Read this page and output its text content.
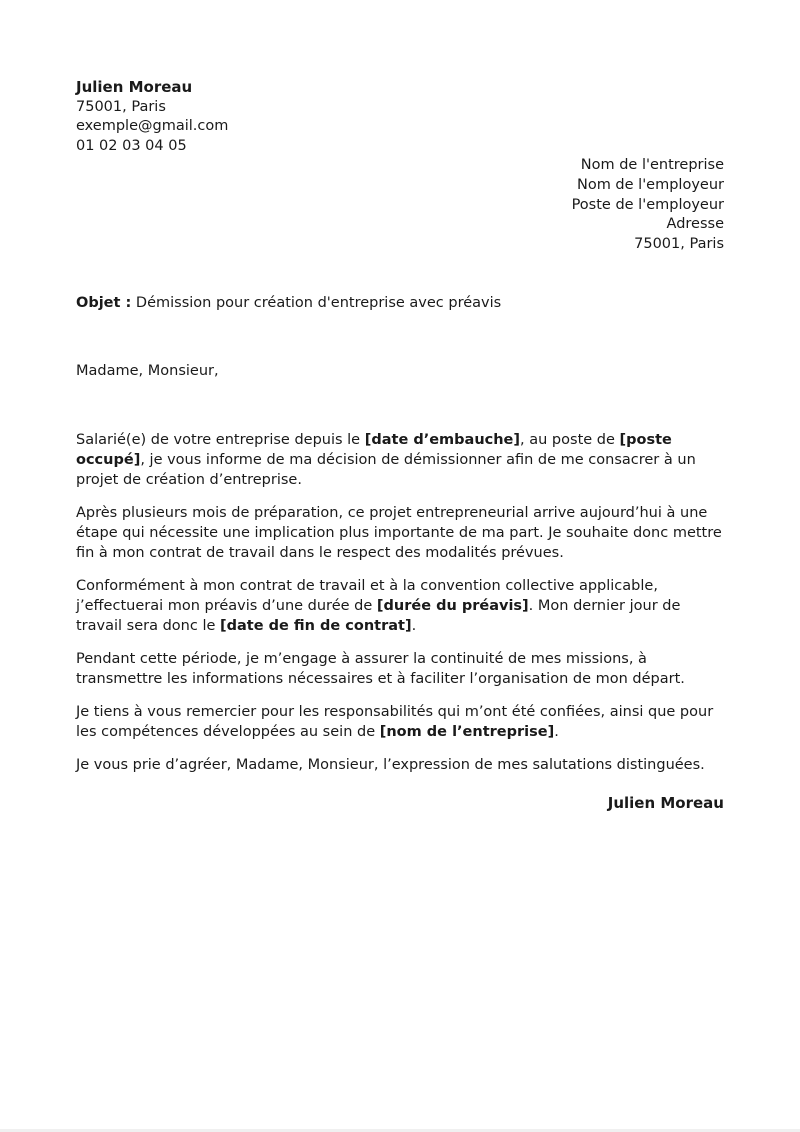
Julien Moreau
75001, Paris
exemple@gmail.com
01 02 03 04 05
Nom de l'entreprise
Nom de l'employeur
Poste de l'employeur
Adresse
75001, Paris
Objet : Démission pour création d'entreprise avec préavis
Madame, Monsieur,

Salarié(e) de votre entreprise depuis le [date d’embauche], au poste de [poste occupé], je vous informe de ma décision de démissionner afin de me consacrer à un projet de création d’entreprise.

Après plusieurs mois de préparation, ce projet entrepreneurial arrive aujourd’hui à une étape qui nécessite une implication plus importante de ma part. Je souhaite donc mettre fin à mon contrat de travail dans le respect des modalités prévues.

Conformément à mon contrat de travail et à la convention collective applicable, j’effectuerai mon préavis d’une durée de [durée du préavis]. Mon dernier jour de travail sera donc le [date de fin de contrat].

Pendant cette période, je m’engage à assurer la continuité de mes missions, à transmettre les informations nécessaires et à faciliter l’organisation de mon départ.

Je tiens à vous remercier pour les responsabilités qui m’ont été confiées, ainsi que pour les compétences développées au sein de [nom de l’entreprise].

Je vous prie d’agréer, Madame, Monsieur, l’expression de mes salutations distinguées.

Julien Moreau
